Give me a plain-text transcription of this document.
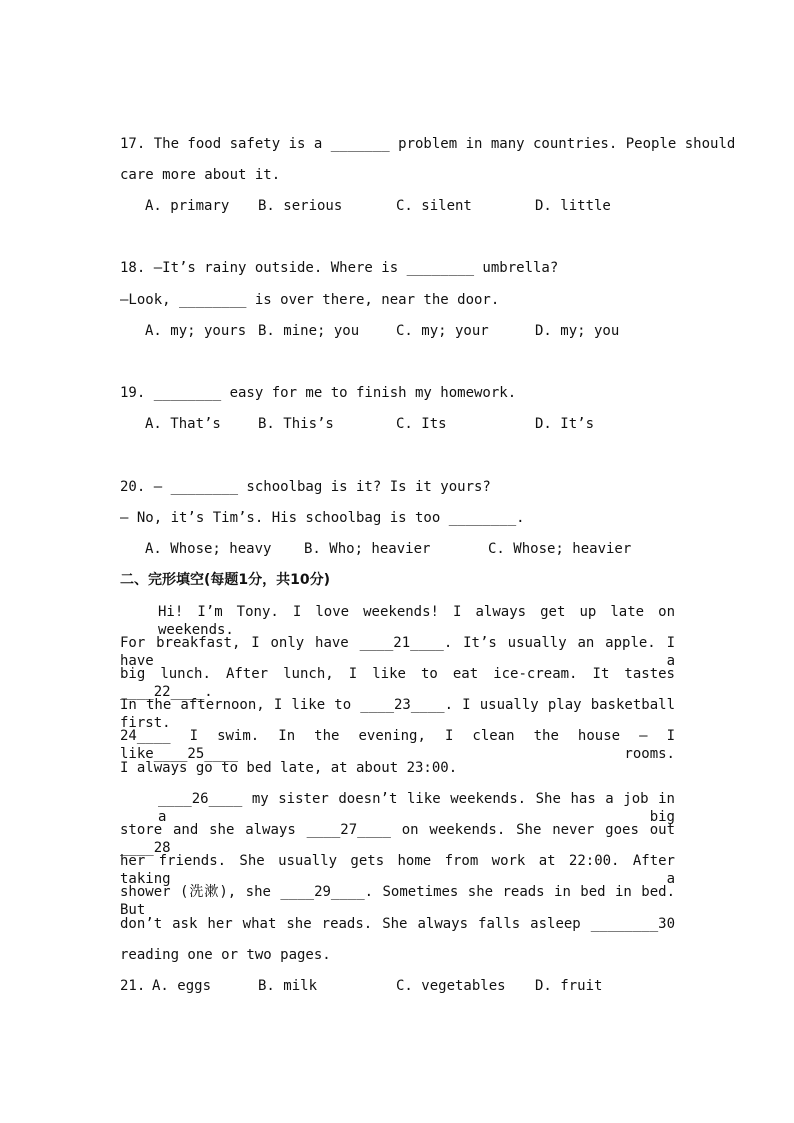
17. The food safety is a _______ problem in many countries. People should
care more about it.
A. primary B. serious	C. silent	D. little
18. —It’s rainy outside. Where is ________ umbrella?
—Look, ________ is over there, near the door.
A. my; yours B. mine; you	C. my; your	D. my; you
19. ________ easy for me to finish my homework.
A. That’s	B. This’s	C. Its	D. It’s
20. — ________ schoolbag is it? Is it yours?
— No, it’s Tim’s. His schoolbag is too ________.
A. Whose; heavy B. Who; heavier	C. Whose; heavier
二、完形填空(每题1分，共10分)
Hi! I’m Tony. I love weekends! I always get up late on weekends.
For breakfast, I only have ____21____. It’s usually an apple. I have a
big lunch. After lunch, I like to eat ice-cream. It tastes ____22____.
In the afternoon, I like to ____23____. I usually play basketball first.
24____ I swim. In the evening, I clean the house — I like____25____ rooms.
I always go to bed late, at about 23:00.
____26____ my sister doesn’t like weekends. She has a job in a big
store and she always ____27____ on weekends. She never goes out ____28
her friends. She usually gets home from work at 22:00. After taking a
shower (洗漱), she ____29____. Sometimes she reads in bed in bed. But
don’t ask her what she reads. She always falls asleep ________30
reading one or two pages.
21. A. eggs	B. milk	C. vegetables D. fruit
